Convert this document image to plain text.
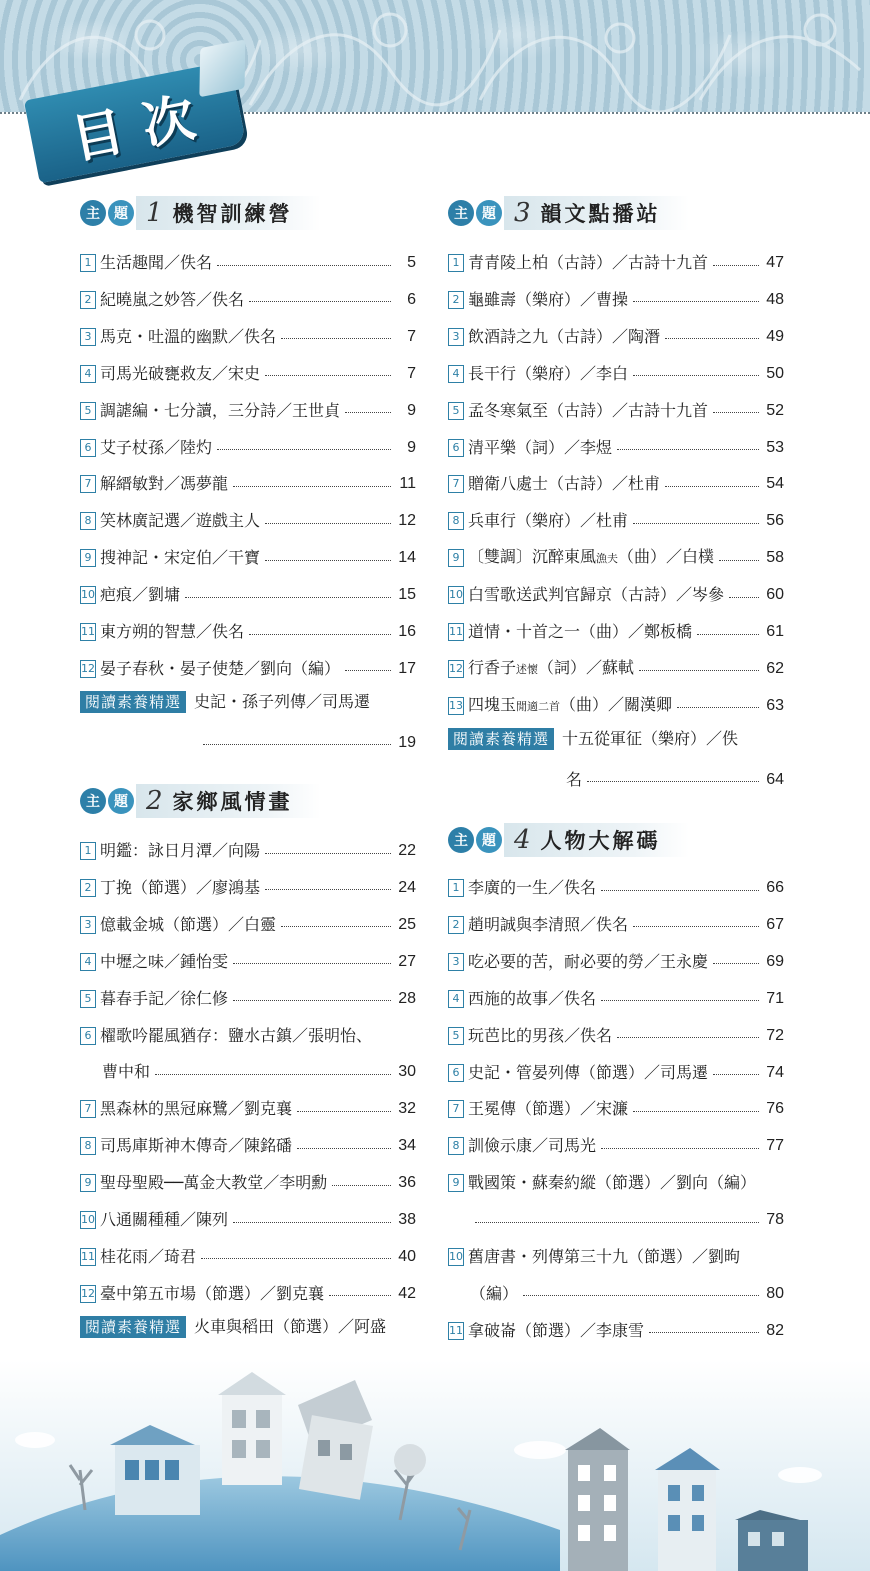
目次
主	題 1 機智訓練營
1 生活趣聞／佚名	5
2 紀曉嵐之妙答／佚名	6
3 馬克・吐溫的幽默／佚名	7
4 司馬光破甕救友／宋史	7
5 調謔編・七分讀，三分詩／王世貞	9
6 艾子杖孫／陸灼	9
7 解縉敏對／馮夢龍	11
8 笑林廣記選／遊戲主人	12
9 搜神記・宋定伯／干寶	14
10 疤痕／劉墉	15
11 東方朔的智慧／佚名	16
12 晏子春秋・晏子使楚／劉向（編）	17
閱讀素養精選 史記・孫子列傳／司馬遷
19
主	題 2 家鄉風情畫
1 明鑑：詠日月潭／向陽	22
2 丁挽（節選）／廖鴻基	24
3 億載金城（節選）／白靈	25
4 中壢之味／鍾怡雯	27
5 暮春手記／徐仁修	28
6 櫂歌吟罷風猶存：鹽水古鎮／張明怡、
曹中和	30
7 黑森林的黑冠麻鷺／劉克襄	32
8 司馬庫斯神木傳奇／陳銘磻	34
9 聖母聖殿──萬金大教堂／李明勳	36
10 八通關種種／陳列	38
11 桂花雨／琦君	40
12 臺中第五市場（節選）／劉克襄	42
閱讀素養精選 火車與稻田（節選）／阿盛
主	題 3 韻文點播站
1 青青陵上柏（古詩）／古詩十九首	47
2 龜雖壽（樂府）／曹操	48
3 飲酒詩之九（古詩）／陶潛	49
4 長干行（樂府）／李白	50
5 孟冬寒氣至（古詩）／古詩十九首	52
6 清平樂（詞）／李煜	53
7 贈衛八處士（古詩）／杜甫	54
8 兵車行（樂府）／杜甫	56
9 〔雙調〕沉醉東風漁夫（曲）／白樸	58
10 白雪歌送武判官歸京（古詩）／岑參	60
11 道情・十首之一（曲）／鄭板橋	61
12 行香子述懷（詞）／蘇軾	62
13 四塊玉閒適二首（曲）／關漢卿	63
閱讀素養精選 十五從軍征（樂府）／佚
名	64
主	題 4 人物大解碼
1 李廣的一生／佚名	66
2 趙明誠與李清照／佚名	67
3 吃必要的苦，耐必要的勞／王永慶	69
4 西施的故事／佚名	71
5 玩芭比的男孩／佚名	72
6 史記・管晏列傳（節選）／司馬遷	74
7 王冕傳（節選）／宋濂	76
8 訓儉示康／司馬光	77
9 戰國策・蘇秦約縱（節選）／劉向（編）
78
10 舊唐書・列傳第三十九（節選）／劉昫
（編）	80
11 拿破崙（節選）／李康雪	82
